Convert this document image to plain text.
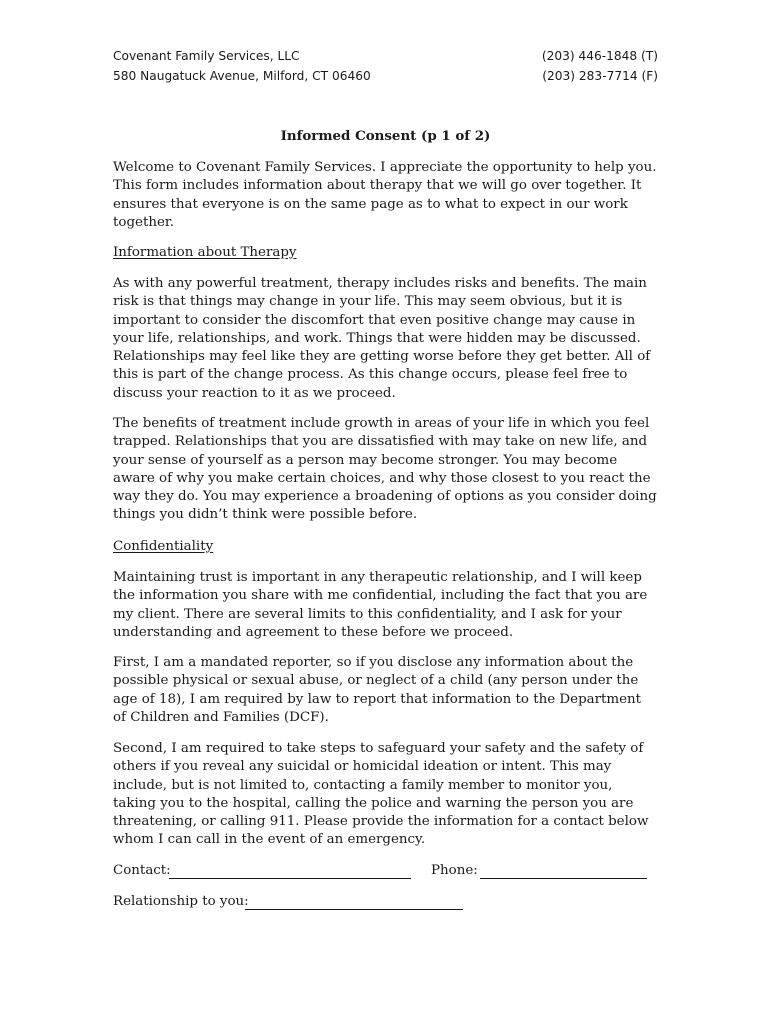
Covenant Family Services, LLC	(203) 446-1848 (T)
580 Naugatuck Avenue, Milford, CT 06460	(203) 283-7714 (F)
Informed Consent (p 1 of 2)

Welcome to Covenant Family Services. I appreciate the opportunity to help you. This form includes information about therapy that we will go over together. It ensures that everyone is on the same page as to what to expect in our work together.

Information about Therapy

As with any powerful treatment, therapy includes risks and benefits. The main risk is that things may change in your life. This may seem obvious, but it is important to consider the discomfort that even positive change may cause in your life, relationships, and work. Things that were hidden may be discussed. Relationships may feel like they are getting worse before they get better. All of this is part of the change process. As this change occurs, please feel free to discuss your reaction to it as we proceed.

The benefits of treatment include growth in areas of your life in which you feel trapped. Relationships that you are dissatisfied with may take on new life, and your sense of yourself as a person may become stronger. You may become aware of why you make certain choices, and why those closest to you react the way they do. You may experience a broadening of options as you consider doing things you didn’t think were possible before.

Confidentiality

Maintaining trust is important in any therapeutic relationship, and I will keep the information you share with me confidential, including the fact that you are my client. There are several limits to this confidentiality, and I ask for your understanding and agreement to these before we proceed.

First, I am a mandated reporter, so if you disclose any information about the possible physical or sexual abuse, or neglect of a child (any person under the age of 18), I am required by law to report that information to the Department of Children and Families (DCF).

Second, I am required to take steps to safeguard your safety and the safety of others if you reveal any suicidal or homicidal ideation or intent. This may include, but is not limited to, contacting a family member to monitor you, taking you to the hospital, calling the police and warning the person you are threatening, or calling 911. Please provide the information for a contact below whom I can call in the event of an emergency.

Contact:	Phone:
Relationship to you:
